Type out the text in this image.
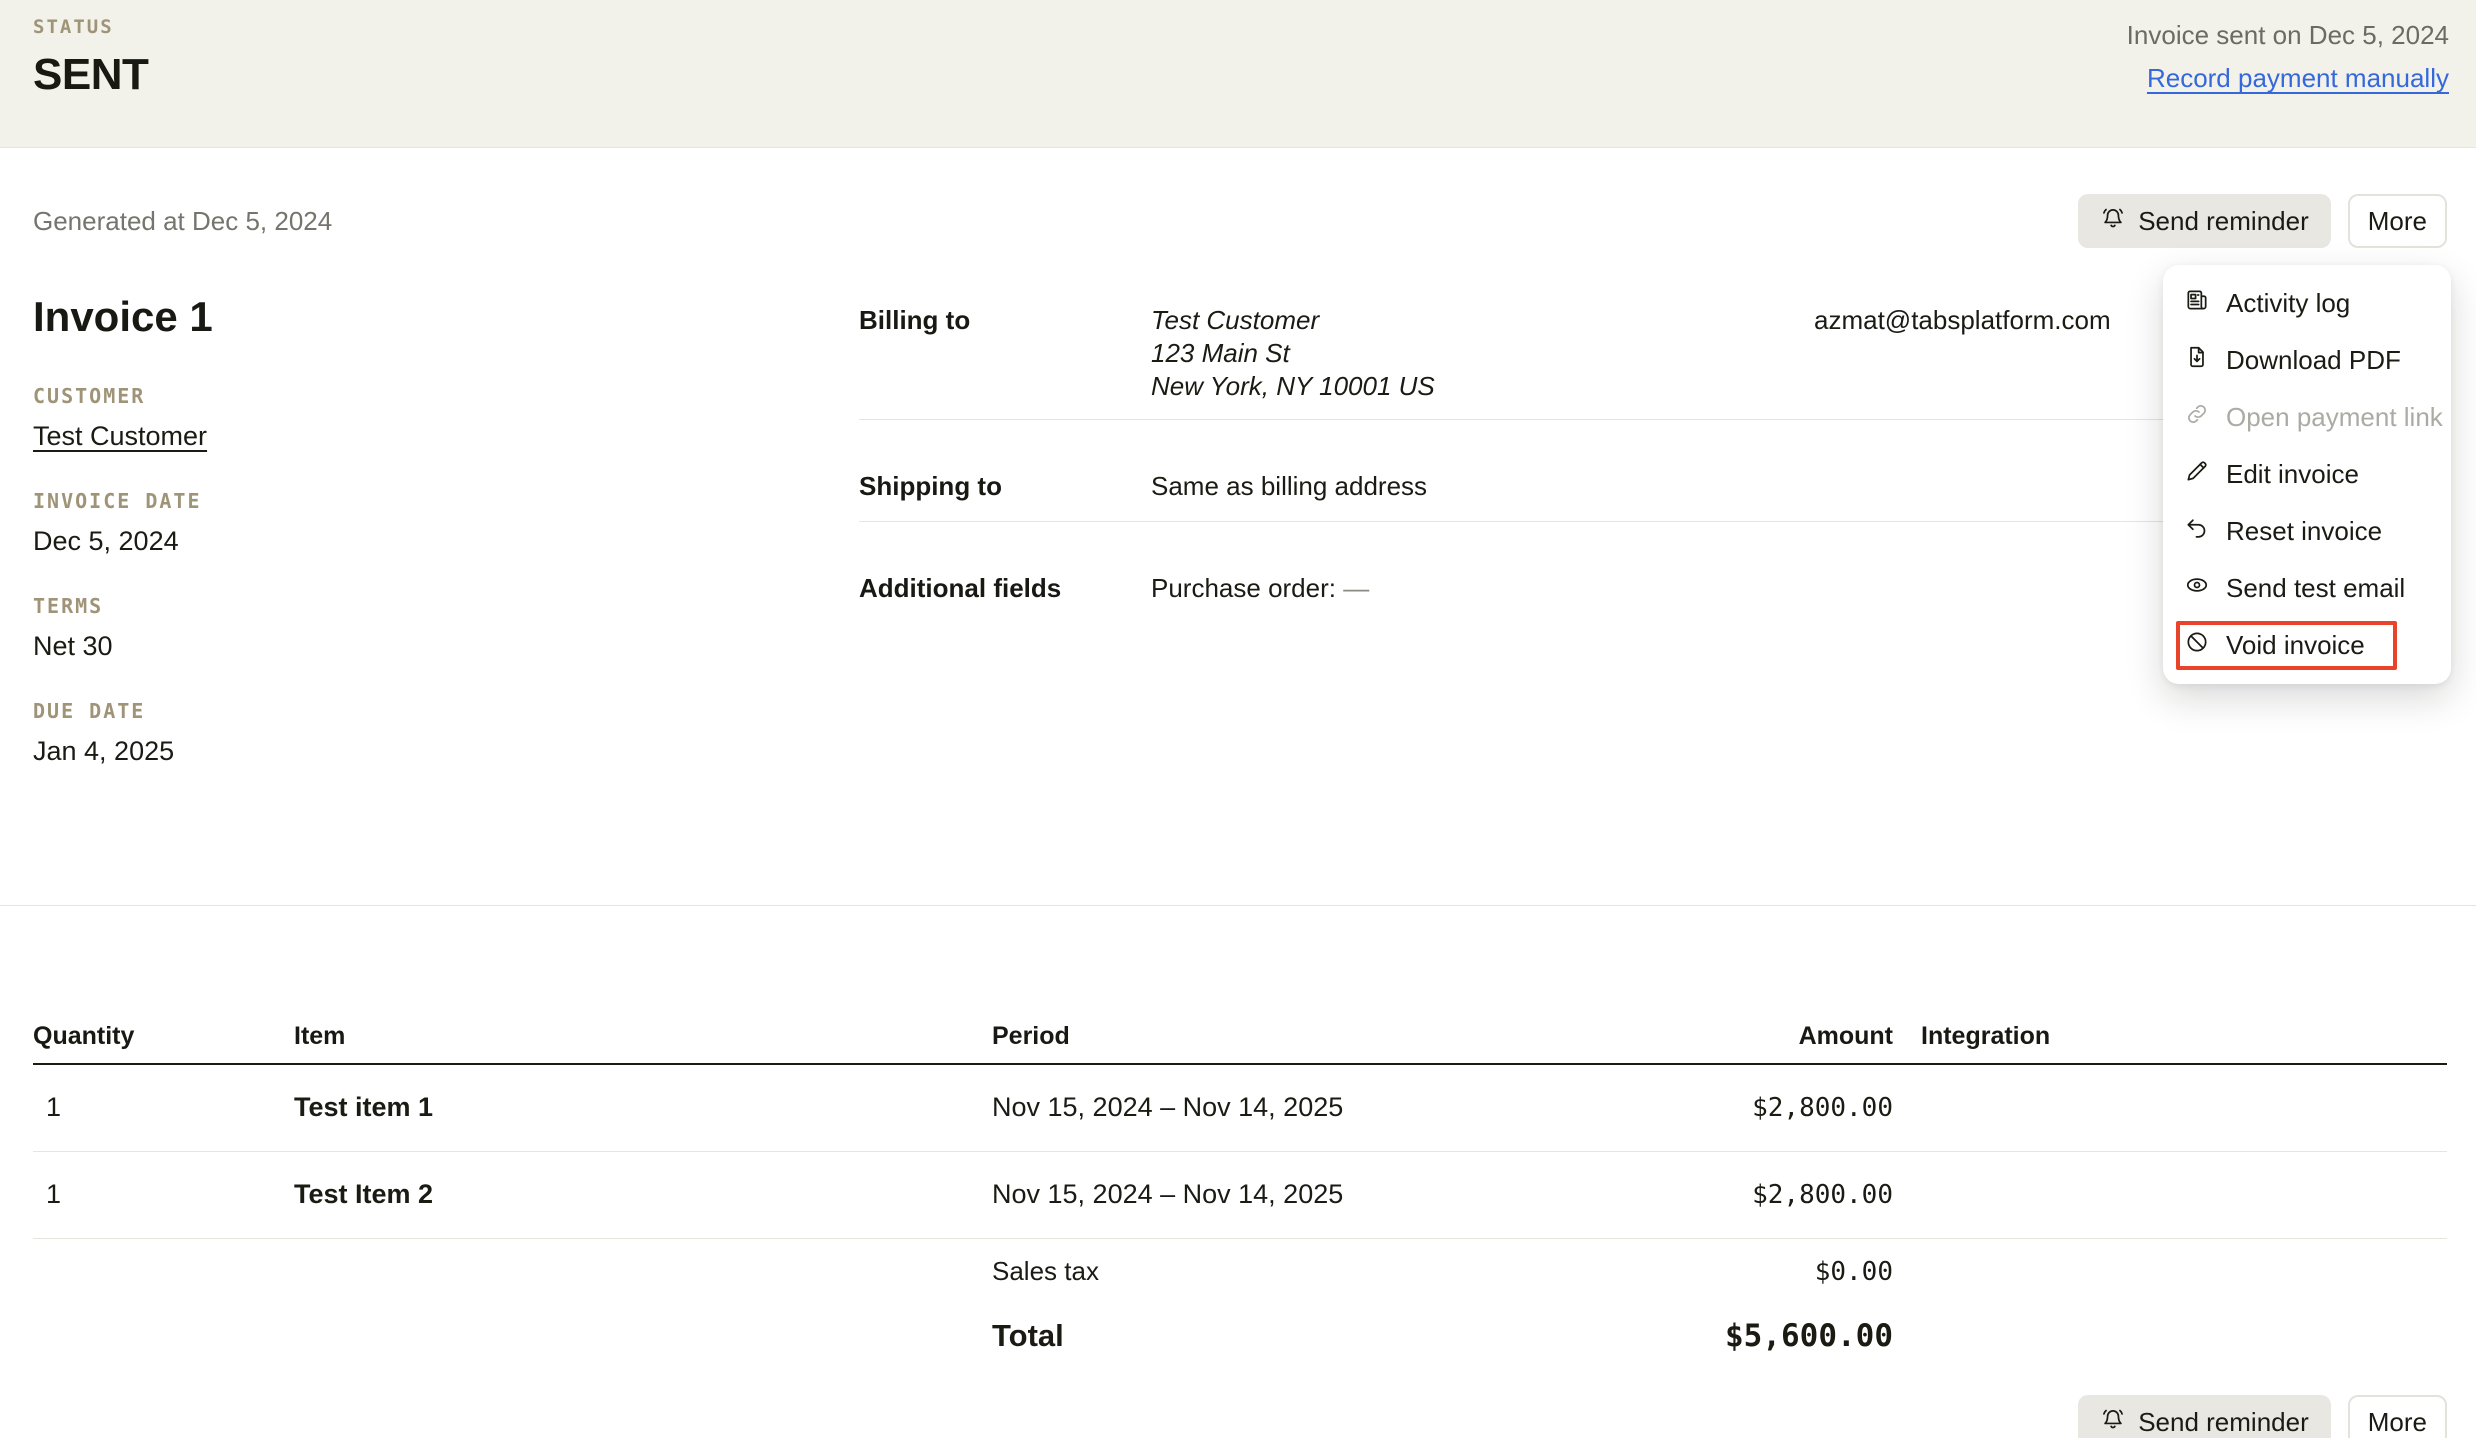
STATUS
SENT
Invoice sent on Dec 5, 2024
Record payment manually
Generated at Dec 5, 2024	Send reminder More
Invoice 1
CUSTOMER
Test Customer
INVOICE DATE
Dec 5, 2024
TERMS
Net 30
DUE DATE
Jan 4, 2025
Billing to	Test Customer
123 Main St
New York, NY 10001 US
azmat@tabsplatform.com
Shipping to	Same as billing address
Additional fields	Purchase order: —
Quantity	Item	Period	Amount	Integration
1	Test item 1	Nov 15, 2024 – Nov 14, 2025	$2,800.00
1	Test Item 2	Nov 15, 2024 – Nov 14, 2025	$2,800.00
Sales tax	$0.00
Total	$5,600.00
Send reminder More
Activity log
Download PDF
Open payment link
Edit invoice
Reset invoice
Send test email
Void invoice
